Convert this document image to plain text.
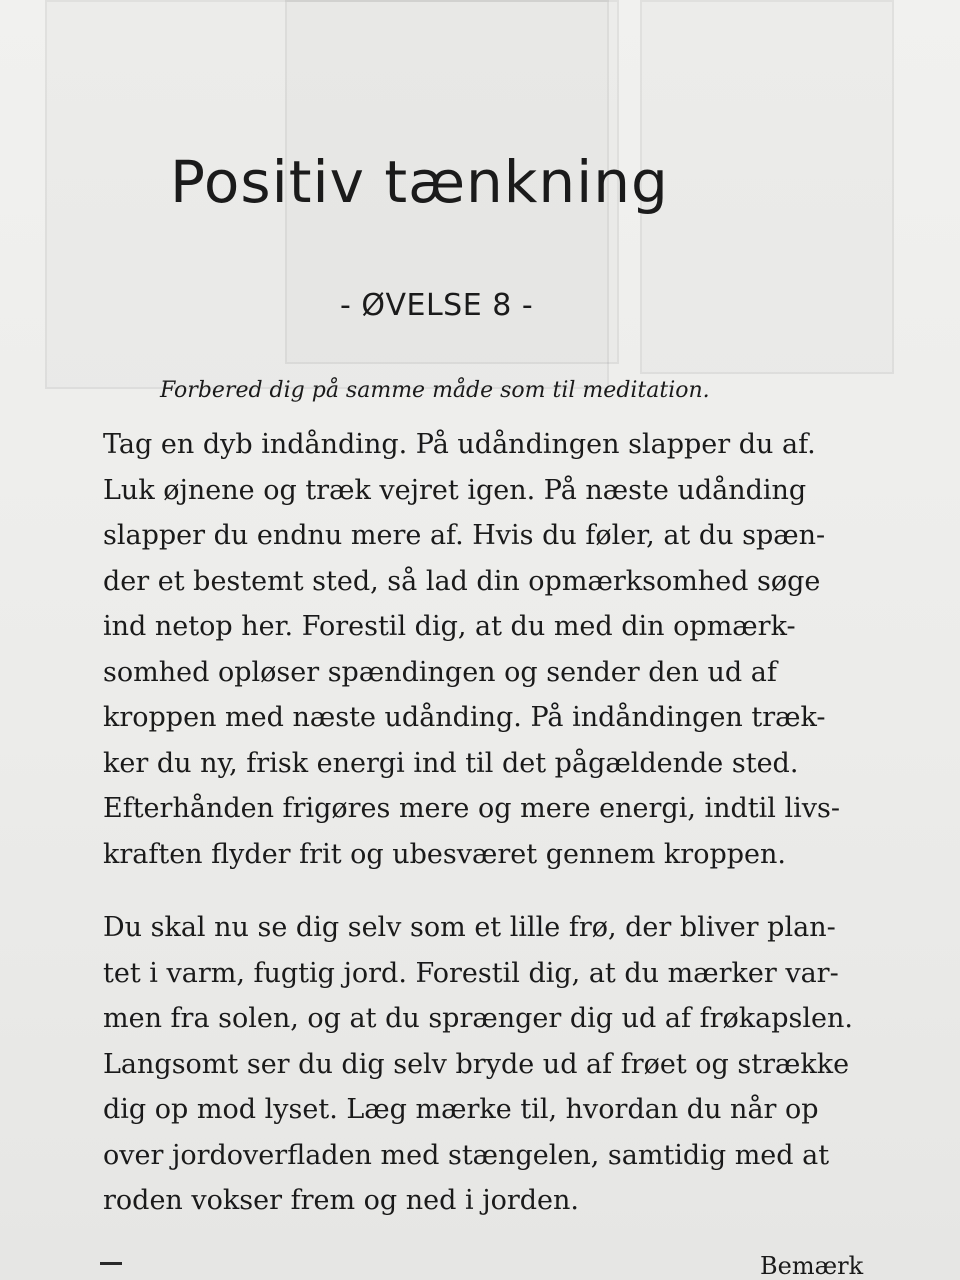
Positiv tænkning
- ØVELSE 8 -
Forbered dig på samme måde som til meditation.

Tag en dyb indånding. På udåndingen slapper du af.
Luk øjnene og træk vejret igen. På næste udånding
slapper du endnu mere af. Hvis du føler, at du spæn-
der et bestemt sted, så lad din opmærksomhed søge
ind netop her. Forestil dig, at du med din opmærk-
somhed opløser spændingen og sender den ud af
kroppen med næste udånding. På indåndingen træk-
ker du ny, frisk energi ind til det pågældende sted.
Efterhånden frigøres mere og mere energi, indtil livs-
kraften flyder frit og ubesværet gennem kroppen.

Du skal nu se dig selv som et lille frø, der bliver plan-
tet i varm, fugtig jord. Forestil dig, at du mærker var-
men fra solen, og at du sprænger dig ud af frøkapslen.
Langsomt ser du dig selv bryde ud af frøet og strække
dig op mod lyset. Læg mærke til, hvordan du når op
over jordoverfladen med stængelen, samtidig med at
roden vokser frem og ned i jorden.

Bemærk
